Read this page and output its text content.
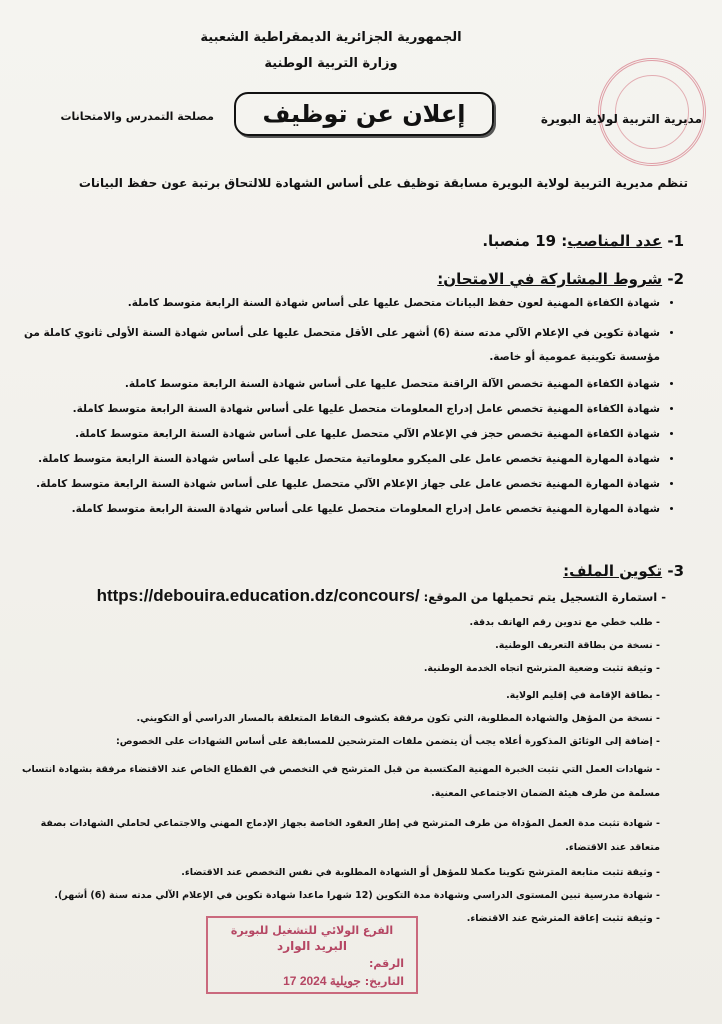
الجمهورية الجزائرية الديمقراطية الشعبية
وزارة التربية الوطنية
مديرية التربية لولاية البويرة
مصلحة التمدرس والامتحانات	إعلان عن توظيف
تنظم مديرية التربية لولاية البويرة مسابقة توظيف على أساس الشهادة للالتحاق برتبة عون حفظ البيانات
1- عدد المناصب: 19 منصبا.
2- شروط المشاركة في الامتحان:
• شهادة الكفاءة المهنية لعون حفظ البيانات متحصل عليها على أساس شهادة السنة الرابعة متوسط كاملة.
• شهادة تكوين في الإعلام الآلي مدته سنة (6) أشهر على الأقل متحصل عليها على أساس شهادة السنة الأولى ثانوي كاملة من مؤسسة تكوينية عمومية أو خاصة.
• شهادة الكفاءة المهنية تخصص الآلة الراقنة متحصل عليها على أساس شهادة السنة الرابعة متوسط كاملة.
• شهادة الكفاءة المهنية تخصص عامل إدراج المعلومات متحصل عليها على أساس شهادة السنة الرابعة متوسط كاملة.
• شهادة الكفاءة المهنية تخصص حجز في الإعلام الآلي متحصل عليها على أساس شهادة السنة الرابعة متوسط كاملة.
• شهادة المهارة المهنية تخصص عامل على الميكرو معلوماتية متحصل عليها على أساس شهادة السنة الرابعة متوسط كاملة.
• شهادة المهارة المهنية تخصص عامل على جهاز الإعلام الآلي متحصل عليها على أساس شهادة السنة الرابعة متوسط كاملة.
• شهادة المهارة المهنية تخصص عامل إدراج المعلومات متحصل عليها على أساس شهادة السنة الرابعة متوسط كاملة.
3- تكوين الملف:
- استمارة التسجيل يتم تحميلها من الموقع: https://debouira.education.dz/concours/
- طلب خطي مع تدوين رقم الهاتف بدقة.
- نسخة من بطاقة التعريف الوطنية.
- وثيقة تثبت وضعية المترشح اتجاه الخدمة الوطنية.
- بطاقة الإقامة في إقليم الولاية.
- نسخة من المؤهل والشهادة المطلوبة، التي تكون مرفقة بكشوف النقاط المتعلقة بالمسار الدراسي أو التكويني.
- إضافة إلى الوثائق المذكورة أعلاه يجب أن يتضمن ملفات المترشحين للمسابقة على أساس الشهادات على الخصوص:
- شهادات العمل التي تثبت الخبرة المهنية المكتسبة من قبل المترشح في التخصص في القطاع الخاص عند الاقتضاء مرفقة بشهادة انتساب مسلمة من طرف هيئة الضمان الاجتماعي المعنية.
- شهادة تثبت مدة العمل المؤداة من طرف المترشح في إطار العقود الخاصة بجهاز الإدماج المهني والاجتماعي لحاملي الشهادات بصفة متعاقد عند الاقتضاء.
- وثيقة تثبت متابعة المترشح تكوينا مكملا للمؤهل أو الشهادة المطلوبة في نفس التخصص عند الاقتضاء.
- شهادة مدرسية تبين المستوى الدراسي وشهادة مدة التكوين (12 شهرا ماعدا شهادة تكوين في الإعلام الآلي مدته سنة (6) أشهر).
- وثيقة تثبت إعاقة المترشح عند الاقتضاء.
الفرع الولائي للتشغيل للبويرة
البريد الوارد
الرقم:
التاريخ: 17 جويلية 2024
